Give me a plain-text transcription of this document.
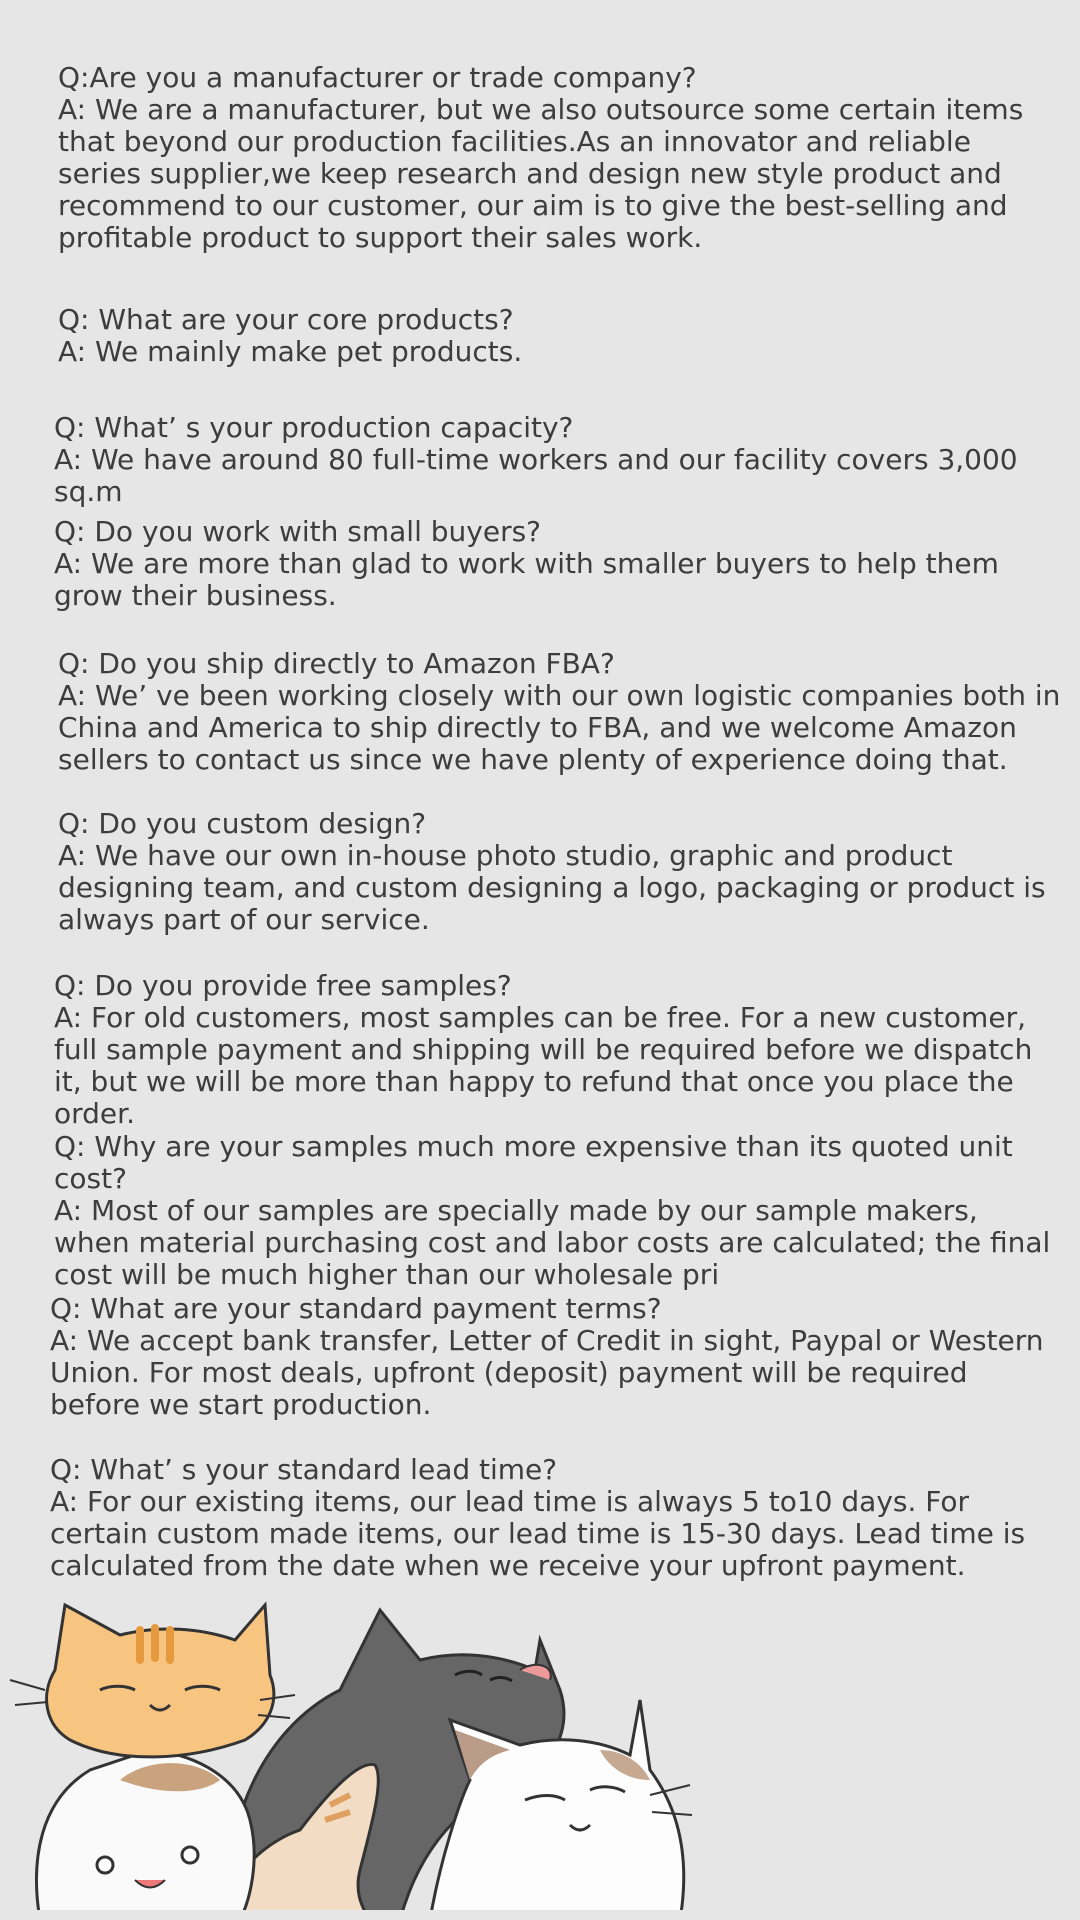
Q:Are you a manufacturer or trade company?
A: We are a manufacturer, but we also outsource some certain items that beyond our production facilities.As an innovator and reliable series supplier,we keep research and design new style product and recommend to our customer, our aim is to give the best-selling and profitable product to support their sales work.
Q: What are your core products?
A: We mainly make pet products.
Q: What’ s your production capacity?
A: We have around 80 full-time workers and our facility covers 3,000 sq.m
Q: Do you work with small buyers?
A: We are more than glad to work with smaller buyers to help them grow their business.
Q: Do you ship directly to Amazon FBA?
A: We’ ve been working closely with our own logistic companies both in China and America to ship directly to FBA, and we welcome Amazon sellers to contact us since we have plenty of experience doing that.
Q: Do you custom design?
A: We have our own in-house photo studio, graphic and product designing team, and custom designing a logo, packaging or product is always part of our service.
Q: Do you provide free samples?
A: For old customers, most samples can be free. For a new customer, full sample payment and shipping will be required before we dispatch it, but we will be more than happy to refund that once you place the order.
Q: Why are your samples much more expensive than its quoted unit cost?
A: Most of our samples are specially made by our sample makers, when material purchasing cost and labor costs are calculated; the final cost will be much higher than our wholesale pri
Q: What are your standard payment terms?
A: We accept bank transfer, Letter of Credit in sight, Paypal or Western Union. For most deals, upfront (deposit) payment will be required before we start production.
Q: What’ s your standard lead time?
A: For our existing items, our lead time is always 5 to10 days. For certain custom made items, our lead time is 15-30 days. Lead time is calculated from the date when we receive your upfront payment.
